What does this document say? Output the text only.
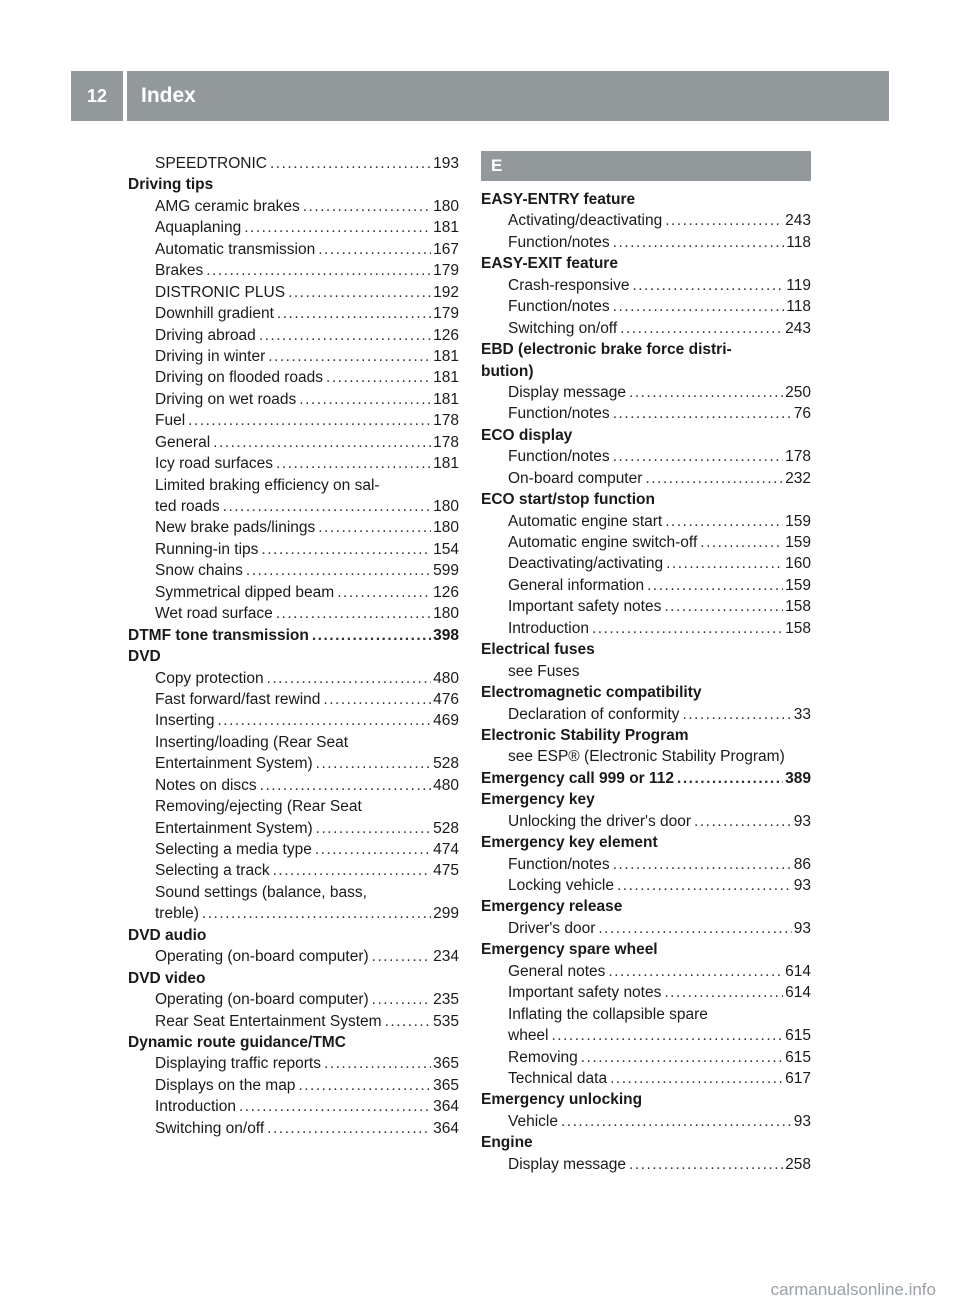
12	Index
SPEEDTRONIC .....	193
Driving tips
AMG ceramic brakes .....	180
Aquaplaning .....	181
Automatic transmission .....	167
Brakes .....	179
DISTRONIC PLUS .....	192
Downhill gradient .....	179
Driving abroad .....	126
Driving in winter .....	181
Driving on flooded roads .....	181
Driving on wet roads .....	181
Fuel .....	178
General .....	178
Icy road surfaces .....	181
Limited braking efficiency on sal-
ted roads .....	180
New brake pads/linings .....	180
Running-in tips .....	154
Snow chains .....	599
Symmetrical dipped beam .....	126
Wet road surface .....	180
DTMF tone transmission .....	398
DVD
Copy protection .....	480
Fast forward/fast rewind .....	476
Inserting .....	469
Inserting/loading (Rear Seat
Entertainment System) .....	528
Notes on discs .....	480
Removing/ejecting (Rear Seat
Entertainment System) .....	528
Selecting a media type .....	474
Selecting a track .....	475
Sound settings (balance, bass,
treble) .....	299
DVD audio
Operating (on-board computer) .....	234
DVD video
Operating (on-board computer) .....	235
Rear Seat Entertainment System .....	535
Dynamic route guidance/TMC
Displaying traffic reports .....	365
Displays on the map .....	365
Introduction .....	364
Switching on/off .....	364
E
EASY-ENTRY feature
Activating/deactivating .....	243
Function/notes .....	118
EASY-EXIT feature
Crash-responsive .....	119
Function/notes .....	118
Switching on/off .....	243
EBD (electronic brake force distri-
bution)
Display message .....	250
Function/notes .....	76
ECO display
Function/notes .....	178
On-board computer .....	232
ECO start/stop function
Automatic engine start .....	159
Automatic engine switch-off .....	159
Deactivating/activating .....	160
General information .....	159
Important safety notes .....	158
Introduction .....	158
Electrical fuses
see Fuses
Electromagnetic compatibility
Declaration of conformity .....	33
Electronic Stability Program
see ESP® (Electronic Stability Program)
Emergency call 999 or 112 .....	389
Emergency key
Unlocking the driver's door .....	93
Emergency key element
Function/notes .....	86
Locking vehicle .....	93
Emergency release
Driver's door .....	93
Emergency spare wheel
General notes .....	614
Important safety notes .....	614
Inflating the collapsible spare
wheel .....	615
Removing .....	615
Technical data .....	617
Emergency unlocking
Vehicle .....	93
Engine
Display message .....	258
carmanualsonline.info
